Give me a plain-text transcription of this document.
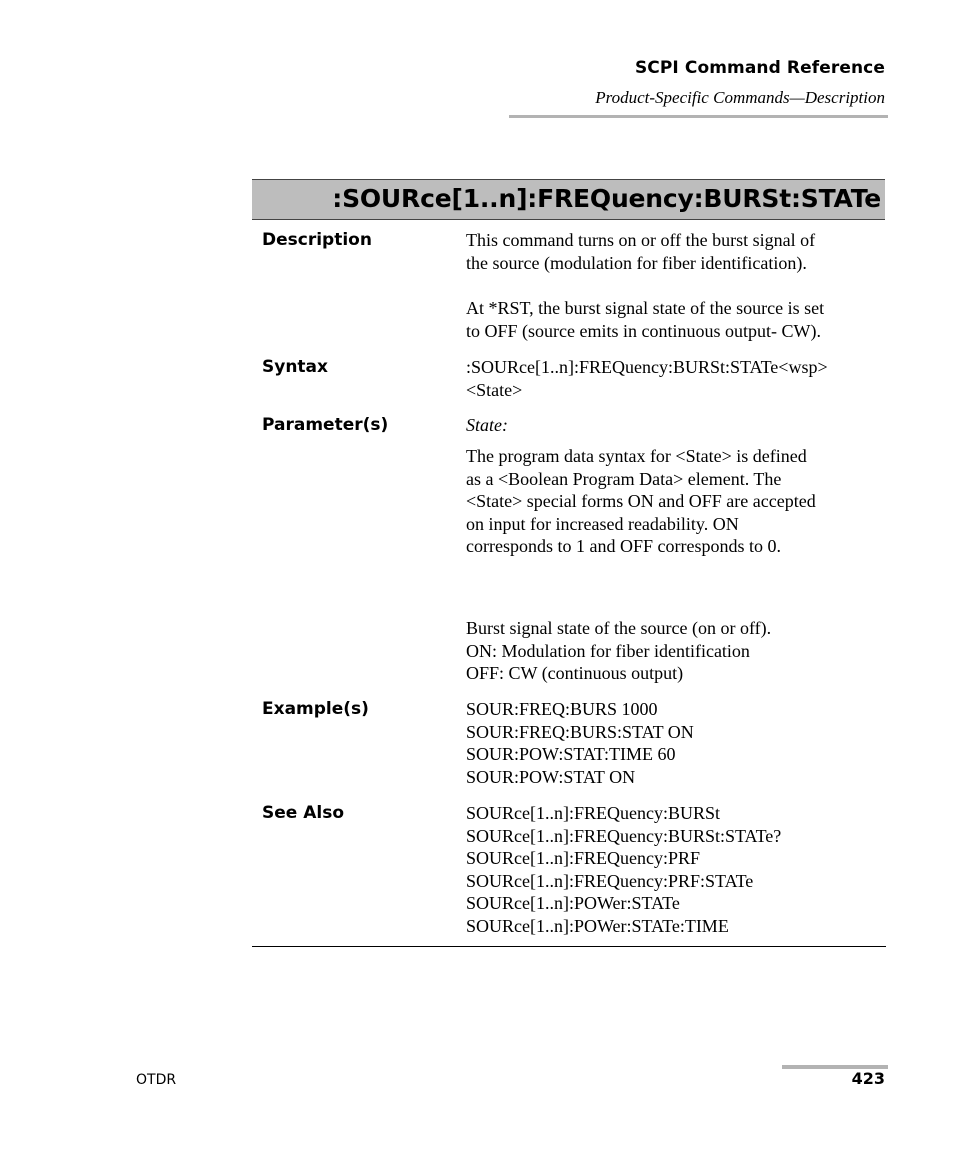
SCPI Command Reference
Product-Specific Commands—Description
:SOURce[1..n]:FREQuency:BURSt:STATe
Description	This command turns on or off the burst signal of
the source (modulation for fiber identification).
At *RST, the burst signal state of the source is set
to OFF (source emits in continuous output- CW).
Syntax	:SOURce[1..n]:FREQuency:BURSt:STATe<wsp>
<State>
Parameter(s)	State:
The program data syntax for <State> is defined
as a <Boolean Program Data> element. The
<State> special forms ON and OFF are accepted
on input for increased readability. ON
corresponds to 1 and OFF corresponds to 0.
Burst signal state of the source (on or off).
ON: Modulation for fiber identification
OFF: CW (continuous output)
Example(s)	SOUR:FREQ:BURS 1000
SOUR:FREQ:BURS:STAT ON
SOUR:POW:STAT:TIME 60
SOUR:POW:STAT ON
See Also	SOURce[1..n]:FREQuency:BURSt
SOURce[1..n]:FREQuency:BURSt:STATe?
SOURce[1..n]:FREQuency:PRF
SOURce[1..n]:FREQuency:PRF:STATe
SOURce[1..n]:POWer:STATe
SOURce[1..n]:POWer:STATe:TIME
OTDR	423
